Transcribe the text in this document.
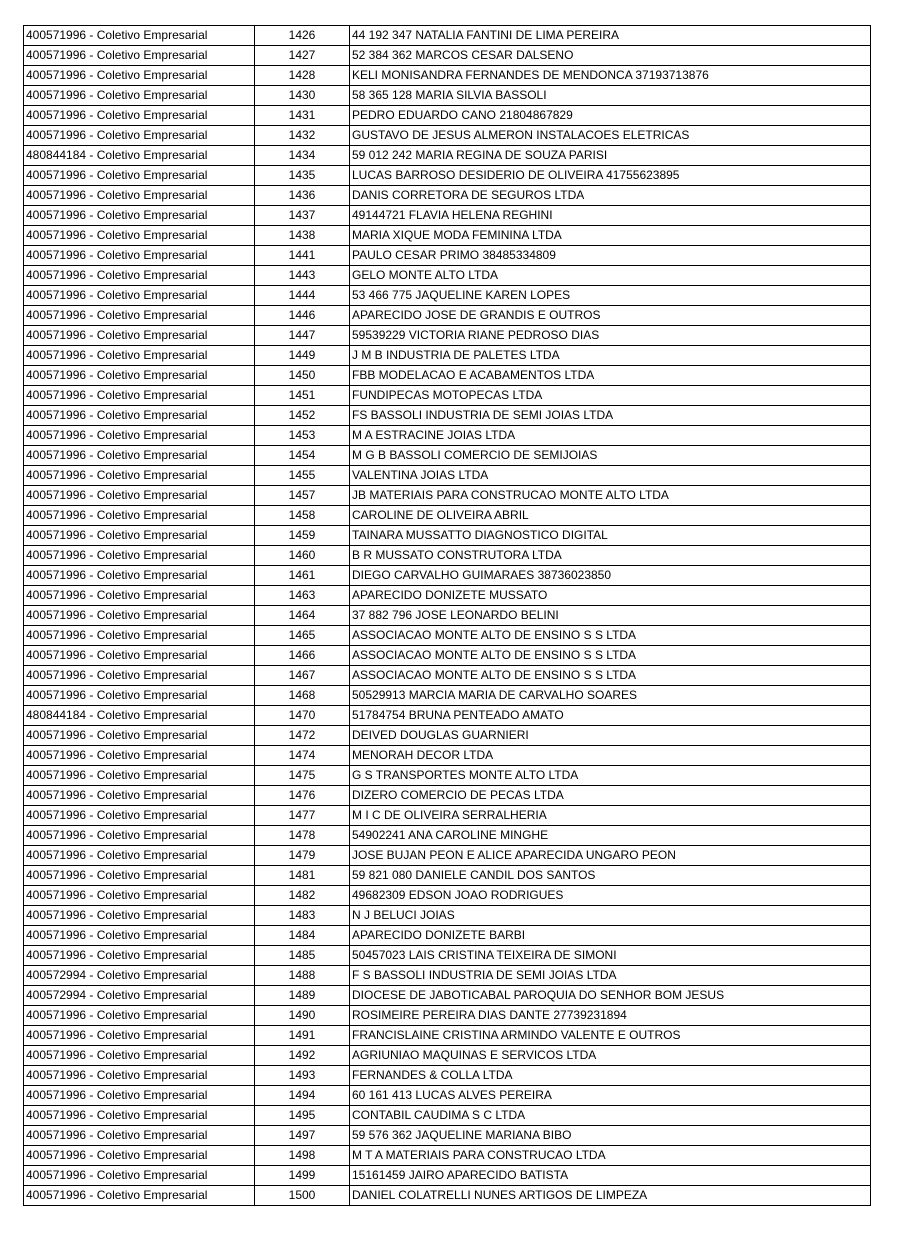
400571996 - Coletivo Empresarial	1426	44 192 347 NATALIA FANTINI DE LIMA PEREIRA
400571996 - Coletivo Empresarial	1427	52 384 362 MARCOS CESAR DALSENO
400571996 - Coletivo Empresarial	1428	KELI MONISANDRA FERNANDES DE MENDONCA 37193713876
400571996 - Coletivo Empresarial	1430	58 365 128 MARIA SILVIA BASSOLI
400571996 - Coletivo Empresarial	1431	PEDRO EDUARDO CANO 21804867829
400571996 - Coletivo Empresarial	1432	GUSTAVO DE JESUS ALMERON INSTALACOES ELETRICAS
480844184 - Coletivo Empresarial	1434	59 012 242 MARIA REGINA DE SOUZA PARISI
400571996 - Coletivo Empresarial	1435	LUCAS BARROSO DESIDERIO DE OLIVEIRA 41755623895
400571996 - Coletivo Empresarial	1436	DANIS CORRETORA DE SEGUROS LTDA
400571996 - Coletivo Empresarial	1437	49144721 FLAVIA HELENA REGHINI
400571996 - Coletivo Empresarial	1438	MARIA XIQUE MODA FEMININA LTDA
400571996 - Coletivo Empresarial	1441	PAULO CESAR PRIMO 38485334809
400571996 - Coletivo Empresarial	1443	GELO MONTE ALTO LTDA
400571996 - Coletivo Empresarial	1444	53 466 775 JAQUELINE KAREN LOPES
400571996 - Coletivo Empresarial	1446	APARECIDO JOSE DE GRANDIS E OUTROS
400571996 - Coletivo Empresarial	1447	59539229 VICTORIA RIANE PEDROSO DIAS
400571996 - Coletivo Empresarial	1449	J M B INDUSTRIA DE PALETES LTDA
400571996 - Coletivo Empresarial	1450	FBB MODELACAO E ACABAMENTOS LTDA
400571996 - Coletivo Empresarial	1451	FUNDIPECAS MOTOPECAS LTDA
400571996 - Coletivo Empresarial	1452	FS BASSOLI INDUSTRIA DE SEMI JOIAS LTDA
400571996 - Coletivo Empresarial	1453	M A ESTRACINE JOIAS LTDA
400571996 - Coletivo Empresarial	1454	M G B BASSOLI COMERCIO DE SEMIJOIAS
400571996 - Coletivo Empresarial	1455	VALENTINA JOIAS LTDA
400571996 - Coletivo Empresarial	1457	JB MATERIAIS PARA CONSTRUCAO MONTE ALTO LTDA
400571996 - Coletivo Empresarial	1458	CAROLINE DE OLIVEIRA ABRIL
400571996 - Coletivo Empresarial	1459	TAINARA MUSSATTO DIAGNOSTICO DIGITAL
400571996 - Coletivo Empresarial	1460	B R MUSSATO CONSTRUTORA LTDA
400571996 - Coletivo Empresarial	1461	DIEGO CARVALHO GUIMARAES 38736023850
400571996 - Coletivo Empresarial	1463	APARECIDO DONIZETE MUSSATO
400571996 - Coletivo Empresarial	1464	37 882 796 JOSE LEONARDO BELINI
400571996 - Coletivo Empresarial	1465	ASSOCIACAO MONTE ALTO DE ENSINO S S LTDA
400571996 - Coletivo Empresarial	1466	ASSOCIACAO MONTE ALTO DE ENSINO S S LTDA
400571996 - Coletivo Empresarial	1467	ASSOCIACAO MONTE ALTO DE ENSINO S S LTDA
400571996 - Coletivo Empresarial	1468	50529913 MARCIA MARIA DE CARVALHO SOARES
480844184 - Coletivo Empresarial	1470	51784754 BRUNA PENTEADO AMATO
400571996 - Coletivo Empresarial	1472	DEIVED DOUGLAS GUARNIERI
400571996 - Coletivo Empresarial	1474	MENORAH DECOR LTDA
400571996 - Coletivo Empresarial	1475	G S TRANSPORTES MONTE ALTO LTDA
400571996 - Coletivo Empresarial	1476	DIZERO COMERCIO DE PECAS LTDA
400571996 - Coletivo Empresarial	1477	M I C DE OLIVEIRA SERRALHERIA
400571996 - Coletivo Empresarial	1478	54902241 ANA CAROLINE MINGHE
400571996 - Coletivo Empresarial	1479	JOSE BUJAN PEON E ALICE APARECIDA UNGARO PEON
400571996 - Coletivo Empresarial	1481	59 821 080 DANIELE CANDIL DOS SANTOS
400571996 - Coletivo Empresarial	1482	49682309 EDSON JOAO RODRIGUES
400571996 - Coletivo Empresarial	1483	N J BELUCI JOIAS
400571996 - Coletivo Empresarial	1484	APARECIDO DONIZETE BARBI
400571996 - Coletivo Empresarial	1485	50457023 LAIS CRISTINA TEIXEIRA DE SIMONI
400572994 - Coletivo Empresarial	1488	F S BASSOLI INDUSTRIA DE SEMI JOIAS LTDA
400572994 - Coletivo Empresarial	1489	DIOCESE DE JABOTICABAL PAROQUIA DO SENHOR BOM JESUS
400571996 - Coletivo Empresarial	1490	ROSIMEIRE PEREIRA DIAS DANTE 27739231894
400571996 - Coletivo Empresarial	1491	FRANCISLAINE CRISTINA ARMINDO VALENTE E OUTROS
400571996 - Coletivo Empresarial	1492	AGRIUNIAO MAQUINAS E SERVICOS LTDA
400571996 - Coletivo Empresarial	1493	FERNANDES & COLLA LTDA
400571996 - Coletivo Empresarial	1494	60 161 413 LUCAS ALVES PEREIRA
400571996 - Coletivo Empresarial	1495	CONTABIL CAUDIMA S C LTDA
400571996 - Coletivo Empresarial	1497	59 576 362 JAQUELINE MARIANA BIBO
400571996 - Coletivo Empresarial	1498	M T A MATERIAIS PARA CONSTRUCAO LTDA
400571996 - Coletivo Empresarial	1499	15161459 JAIRO APARECIDO BATISTA
400571996 - Coletivo Empresarial	1500	DANIEL COLATRELLI NUNES ARTIGOS DE LIMPEZA
